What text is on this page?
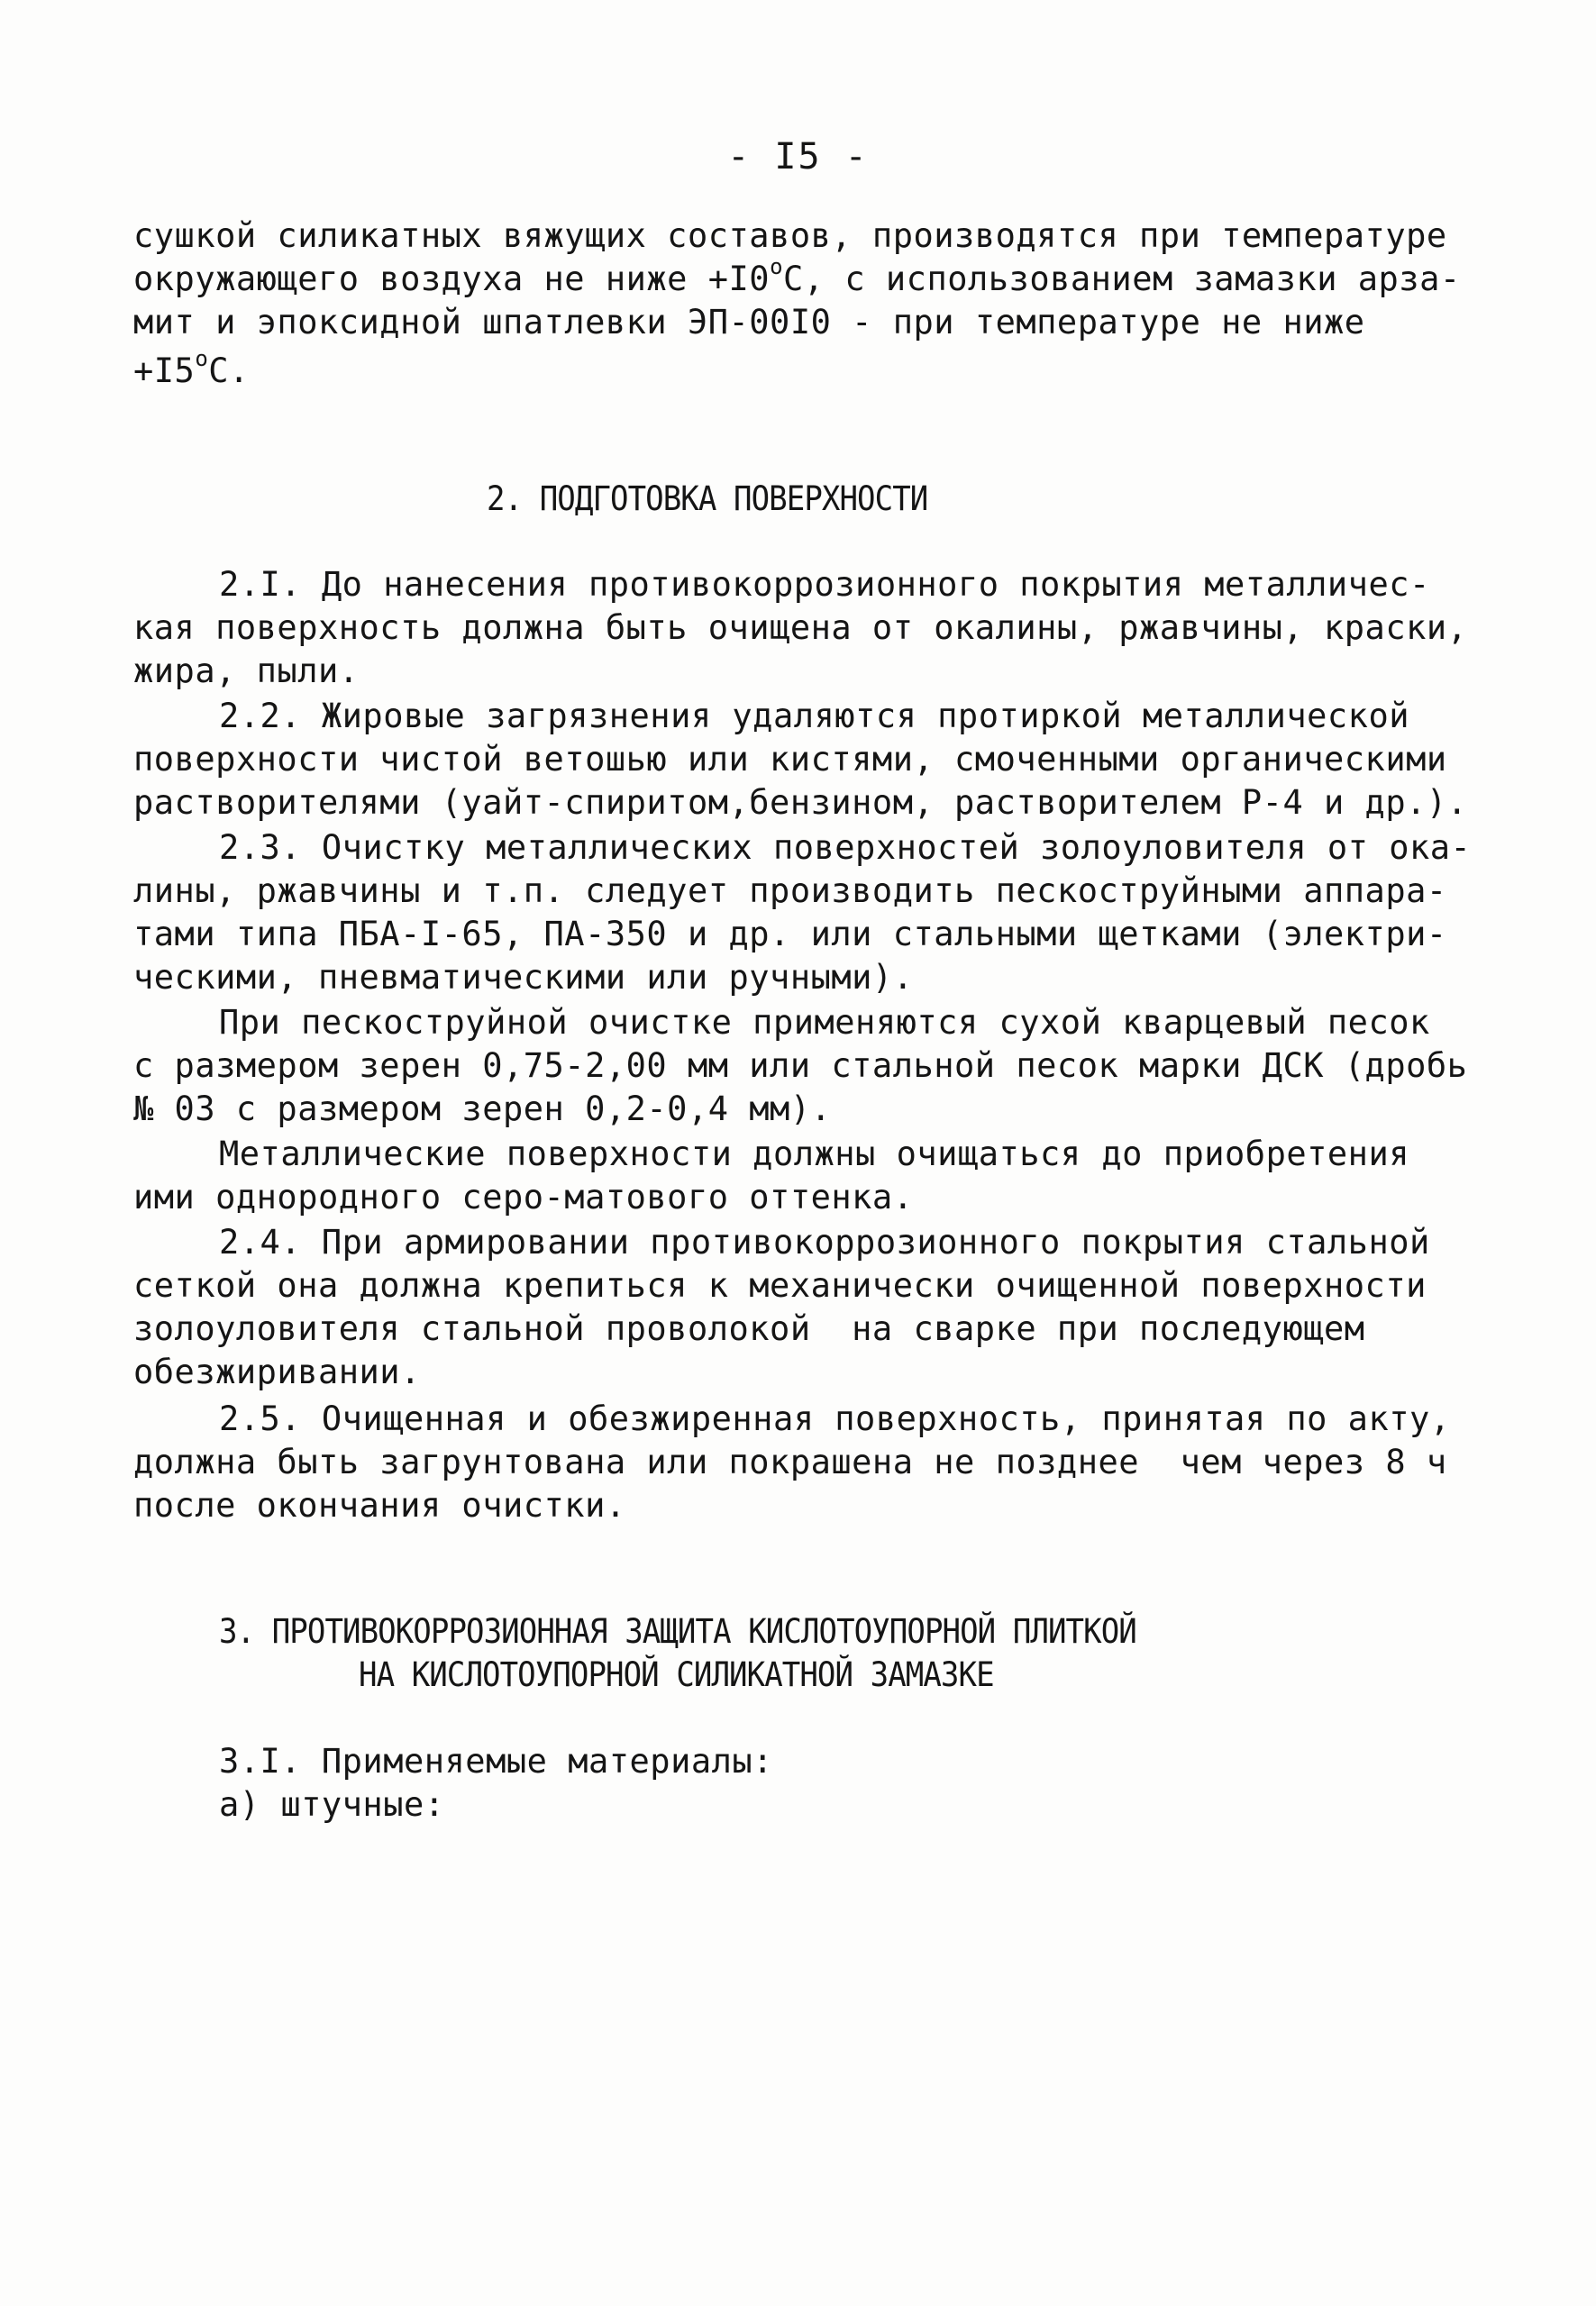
- I5 -
сушкой силикатных вяжущих составов, производятся при температуре
окружающего воздуха не ниже $+I0^оС$, с использованием замазки арза-
мит и эпоксидной шпатлевки ЭП-00I0 - при температуре не ниже
$+I5^оС$.
2. ПОДГОТОВКА ПОВЕРХНОСТИ
2.I. До нанесения противокоррозионного покрытия металличес-
кая поверхность должна быть очищена от окалины, ржавчины, краски,
жира, пыли.
2.2. Жировые загрязнения удаляются протиркой металлической
поверхности чистой ветошью или кистями, смоченными органическими
растворителями (уайт-спиритом,бензином, растворителем Р-4 и др.).
2.3. Очистку металлических поверхностей золоуловителя от ока-
лины, ржавчины и т.п. следует производить пескоструйными аппара-
тами типа ПБА-I-65, ПА-350 и др. или стальными щетками (электри-
ческими, пневматическими или ручными).
При пескоструйной очистке применяются сухой кварцевый песок
с размером зерен 0,75-2,00 мм или стальной песок марки ДСК (дробь
№ 03 с размером зерен 0,2-0,4 мм).
Металлические поверхности должны очищаться до приобретения
ими однородного серо-матового оттенка.
2.4. При армировании противокоррозионного покрытия стальной
сеткой она должна крепиться к механически очищенной поверхности
золоуловителя стальной проволокой  на сварке при последующем
обезжиривании.
2.5. Очищенная и обезжиренная поверхность, принятая по акту,
должна быть загрунтована или покрашена не позднее  чем через 8 ч
после окончания очистки.
3. ПРОТИВОКОРРОЗИОННАЯ ЗАЩИТА КИСЛОТОУПОРНОЙ ПЛИТКОЙ
НА КИСЛОТОУПОРНОЙ СИЛИКАТНОЙ ЗАМАЗКЕ
3.I. Применяемые материалы:
а) штучные:
